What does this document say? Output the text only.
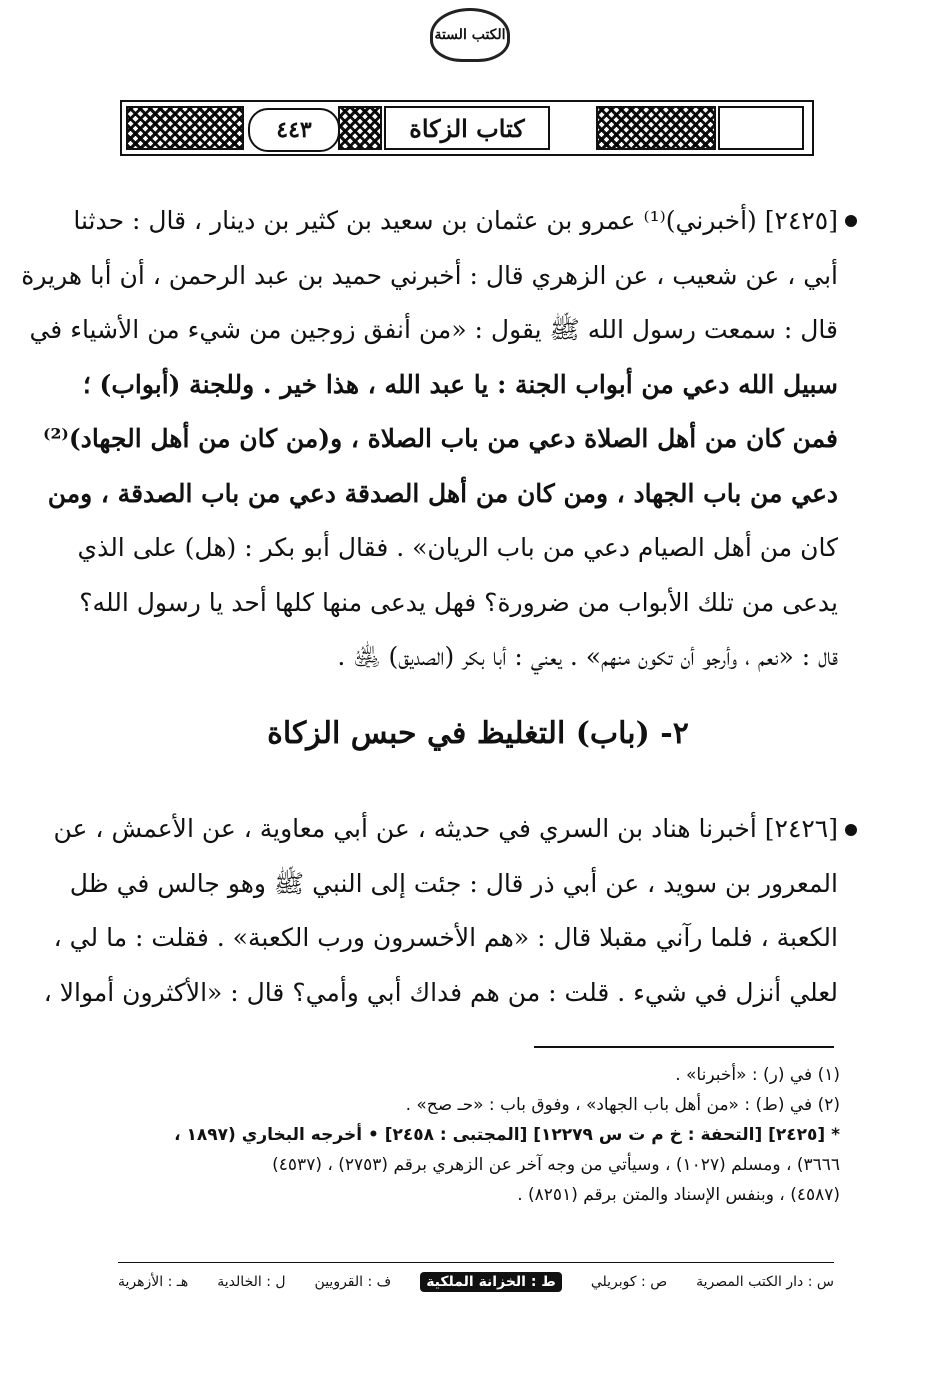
الكتب الستة
كتاب الزكاة
٤٤٣
[٢٤٢٥] (أخبرني)⁽¹⁾ عمرو بن عثمان بن سعيد بن كثير بن دينار ، قال : حدثنا
أبي ، عن شعيب ، عن الزهري قال : أخبرني حميد بن عبد الرحمن ، أن أبا هريرة
قال : سمعت رسول الله ﷺ يقول : «من أنفق زوجين من شيء من الأشياء في
سبيل الله دعي من أبواب الجنة : يا عبد الله ، هذا خير . وللجنة (أبواب) ؛
فمن كان من أهل الصلاة دعي من باب الصلاة ، و(من كان من أهل الجهاد)⁽²⁾
دعي من باب الجهاد ، ومن كان من أهل الصدقة دعي من باب الصدقة ، ومن
كان من أهل الصيام دعي من باب الريان» . فقال أبو بكر : (هل) على الذي
يدعى من تلك الأبواب من ضرورة؟ فهل يدعى منها كلها أحد يا رسول الله؟
قال : «نعم ، وأرجو أن تكون منهم» . يعني : أبا بكر (الصديق) ﵁ .
٢- (باب) التغليظ في حبس الزكاة
[٢٤٢٦] أخبرنا هناد بن السري في حديثه ، عن أبي معاوية ، عن الأعمش ، عن
المعرور بن سويد ، عن أبي ذر قال : جئت إلى النبي ﷺ وهو جالس في ظل
الكعبة ، فلما رآني مقبلا قال : «هم الأخسرون ورب الكعبة» . فقلت : ما لي ،
لعلي أنزل في شيء . قلت : من هم فداك أبي وأمي؟ قال : «الأكثرون أموالا ،
(١) في (ر) : «أخبرنا» .
(٢) في (ط) : «من أهل باب الجهاد» ، وفوق باب : «حـ صح» .
* [٢٤٢٥] [التحفة : خ م ت س ١٢٢٧٩] [المجتبى : ٢٤٥٨] • أخرجه البخاري (١٨٩٧ ،
٣٦٦٦) ، ومسلم (١٠٢٧) ، وسيأتي من وجه آخر عن الزهري برقم (٢٧٥٣) ، (٤٥٣٧)
(٤٥٨٧) ، وبنفس الإسناد والمتن برقم (٨٢٥١) .
س : دار الكتب المصرية
ص : كوبريلي
ط : الخزانة الملكية
ف : القرويين
ل : الخالدية
هـ : الأزهرية
